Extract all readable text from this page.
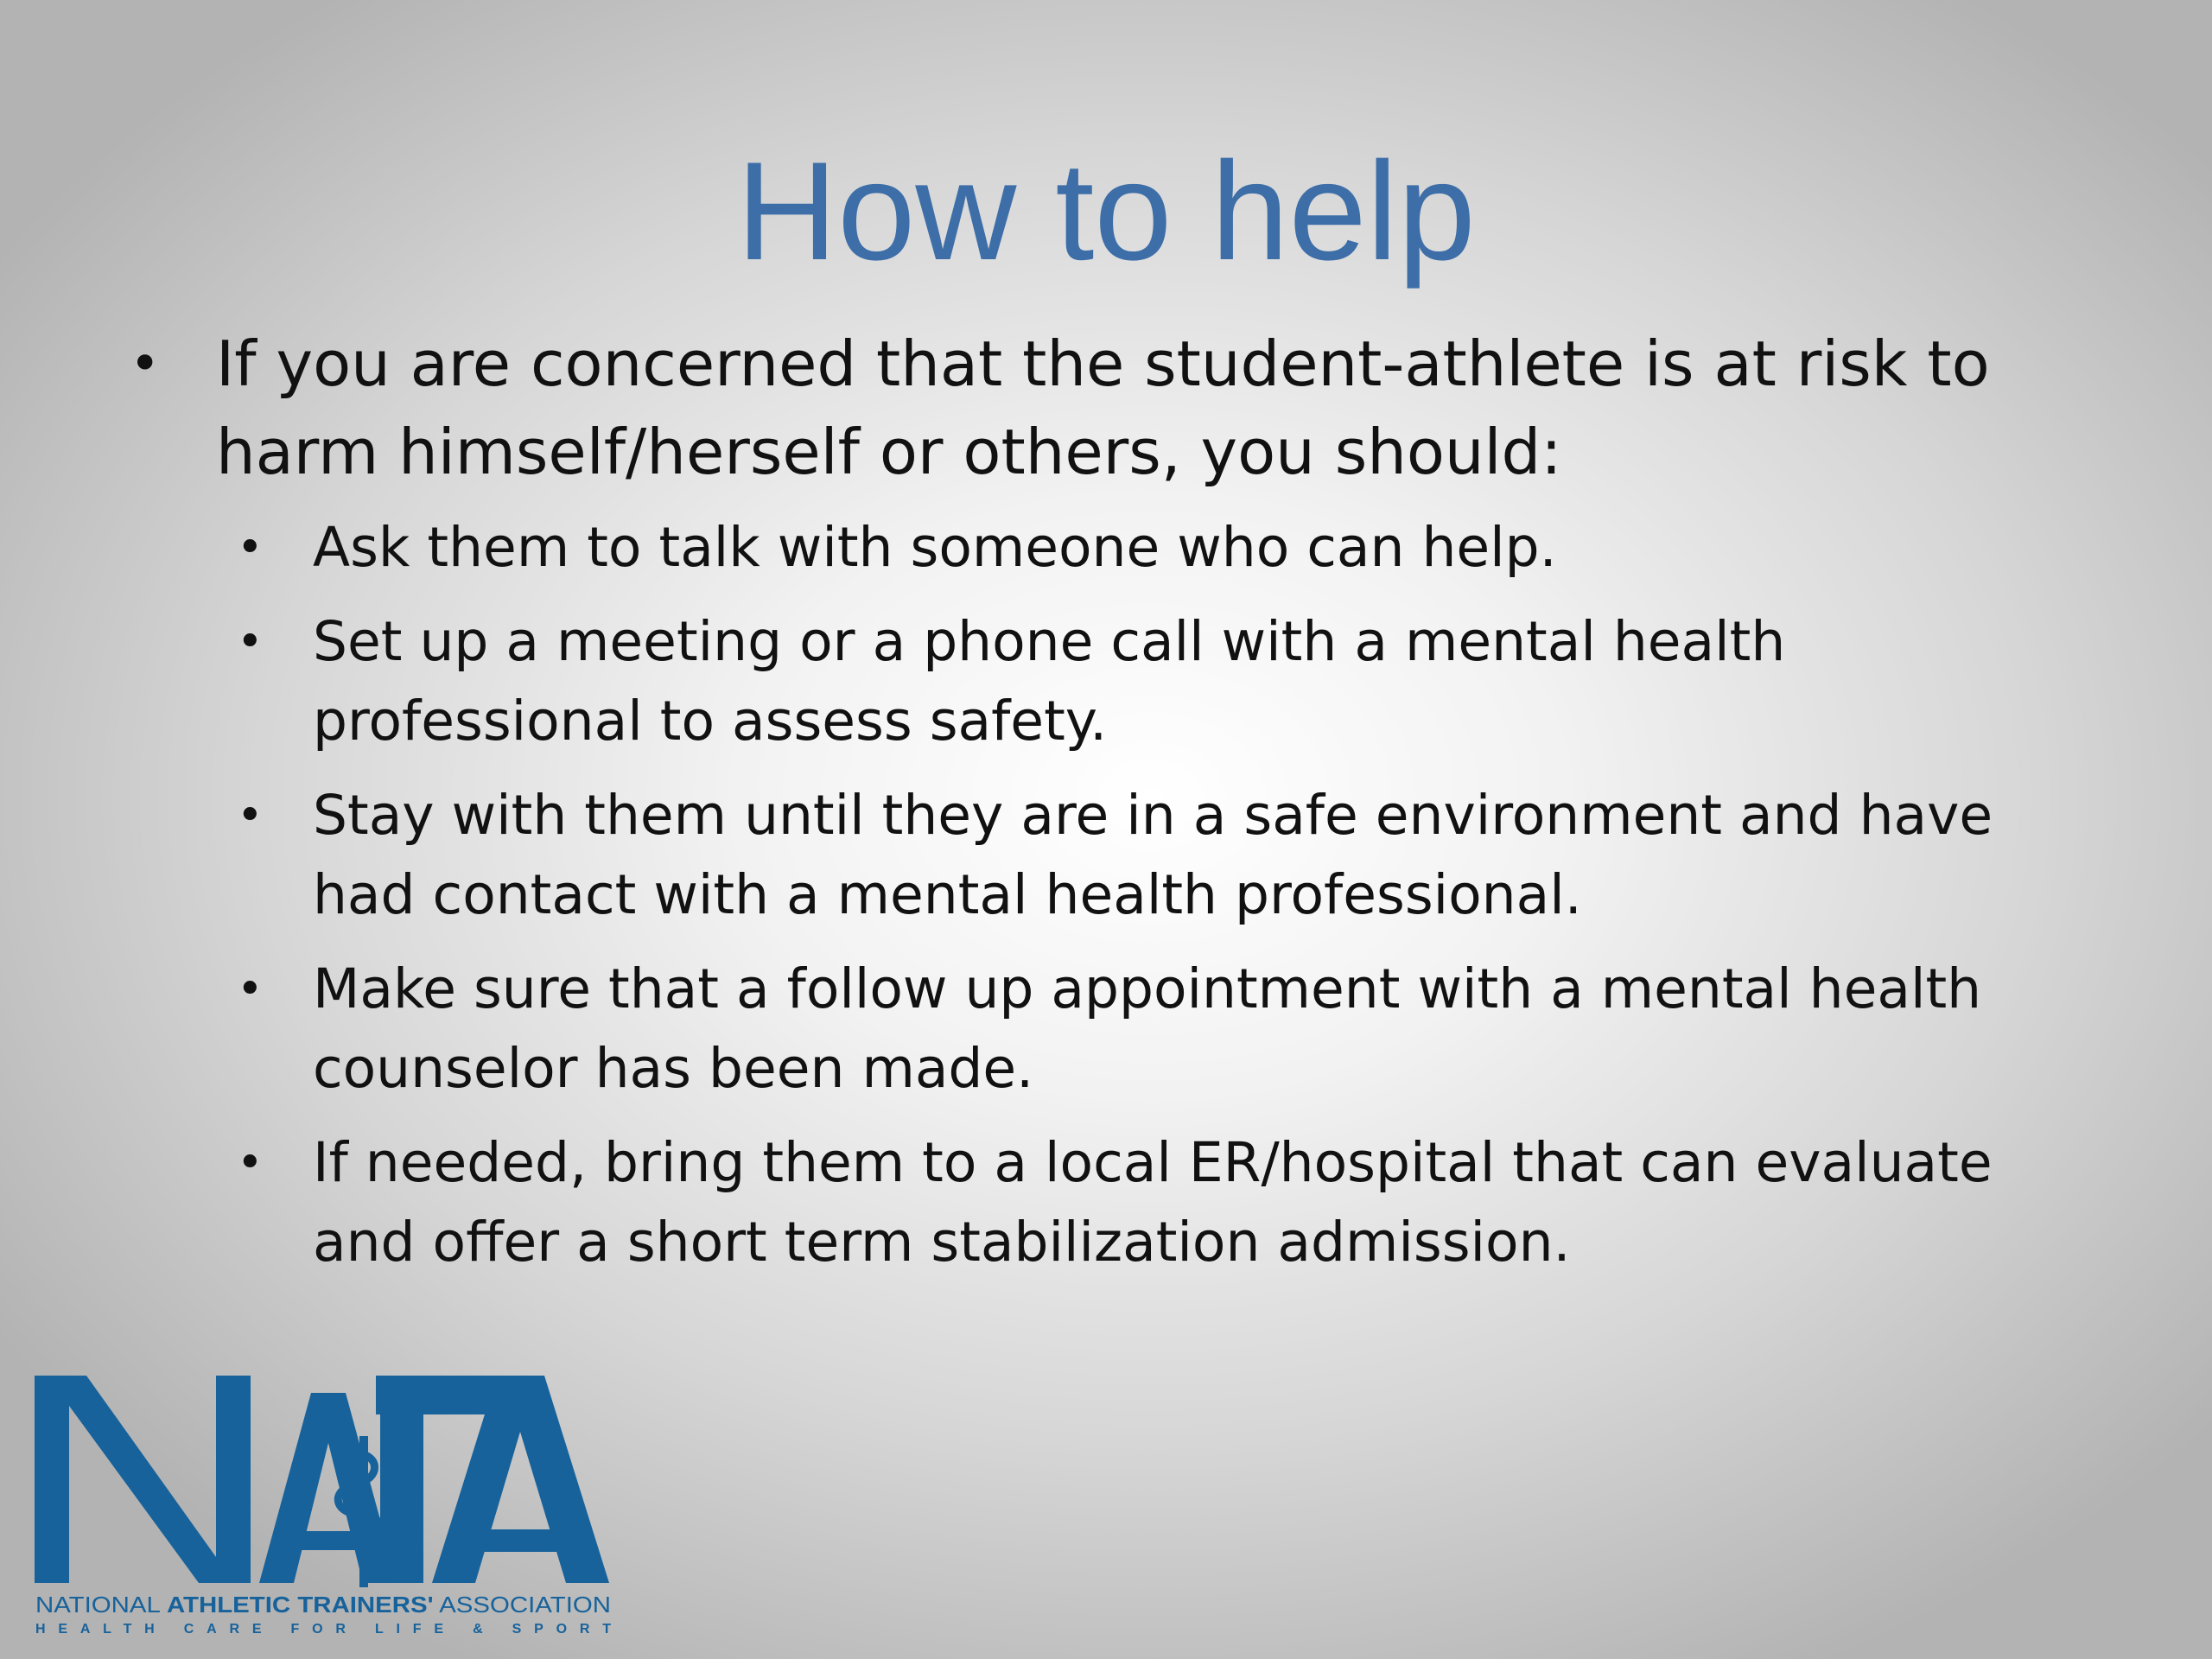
How to help
• If you are concerned that the student-athlete is at risk to harm himself/herself or others, you should:
• Ask them to talk with someone who can help.
• Set up a meeting or a phone call with a mental health professional to assess safety.
• Stay with them until they are in a safe environment and have had contact with a mental health professional.
• Make sure that a follow up appointment with a mental health counselor has been made.
• If needed, bring them to a local ER/hospital that can evaluate and offer a short term stabilization admission.
NATIONAL ATHLETIC TRAINERS' ASSOCIATION
HEALTH CARE FOR LIFE & SPORT
